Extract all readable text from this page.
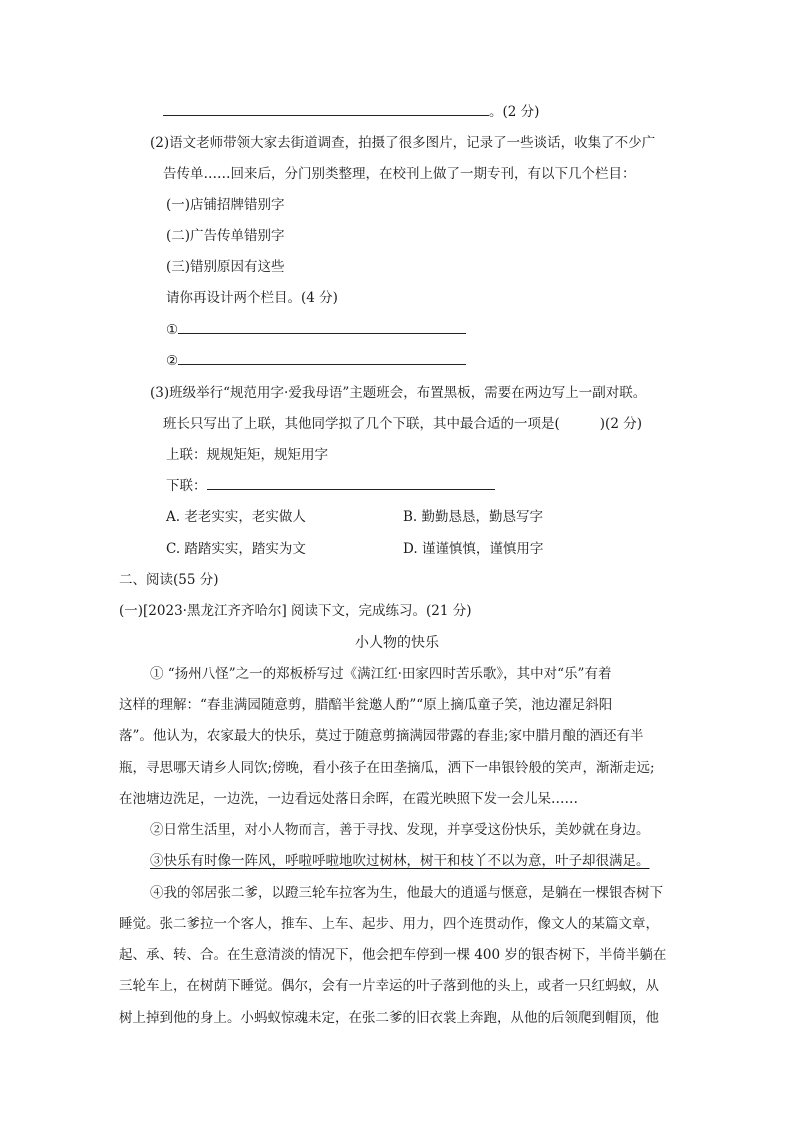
。(2 分)
(2)语文老师带领大家去街道调查，拍摄了很多图片，记录了一些谈话，收集了不少广
告传单……回来后，分门别类整理，在校刊上做了一期专刊，有以下几个栏目：
(一)店铺招牌错别字
(二)广告传单错别字
(三)错别原因有这些
请你再设计两个栏目。(4 分)
①
②
(3)班级举行“规范用字·爱我母语”主题班会，布置黑板，需要在两边写上一副对联。
班长只写出了上联，其他同学拟了几个下联，其中最合适的一项是(	)(2 分)
上联：规规矩矩，规矩用字
下联：
A. 老老实实，老实做人	B. 勤勤恳恳，勤恳写字
C. 踏踏实实，踏实为文	D. 谨谨慎慎，谨慎用字
二、阅读(55 分)
(一)[2023·黑龙江齐齐哈尔] 阅读下文，完成练习。(21 分)
小人物的快乐
① “扬州八怪”之一的郑板桥写过《满江红·田家四时苦乐歌》，其中对“乐”有着
这样的理解：“春韭满园随意剪，腊醅半瓮邀人酌”“原上摘瓜童子笑，池边濯足斜阳
落”。他认为，农家最大的快乐，莫过于随意剪摘满园带露的春韭;家中腊月酿的酒还有半
瓶，寻思哪天请乡人同饮;傍晚，看小孩子在田垄摘瓜，洒下一串银铃般的笑声，渐渐走远;
在池塘边洗足，一边洗，一边看远处落日余晖，在霞光映照下发一会儿呆……
②日常生活里，对小人物而言，善于寻找、发现，并享受这份快乐，美妙就在身边。
③快乐有时像一阵风，呼啦呼啦地吹过树林，树干和枝丫不以为意，叶子却很满足。
④我的邻居张二爹，以蹬三轮车拉客为生，他最大的逍遥与惬意，是躺在一棵银杏树下
睡觉。张二爹拉一个客人，推车、上车、起步、用力，四个连贯动作，像文人的某篇文章，
起、承、转、合。在生意清淡的情况下，他会把车停到一棵 400 岁的银杏树下，半倚半躺在
三轮车上，在树荫下睡觉。偶尔，会有一片幸运的叶子落到他的头上，或者一只红蚂蚁，从
树上掉到他的身上。小蚂蚁惊魂未定，在张二爹的旧衣裳上奔跑，从他的后领爬到帽顶，他
